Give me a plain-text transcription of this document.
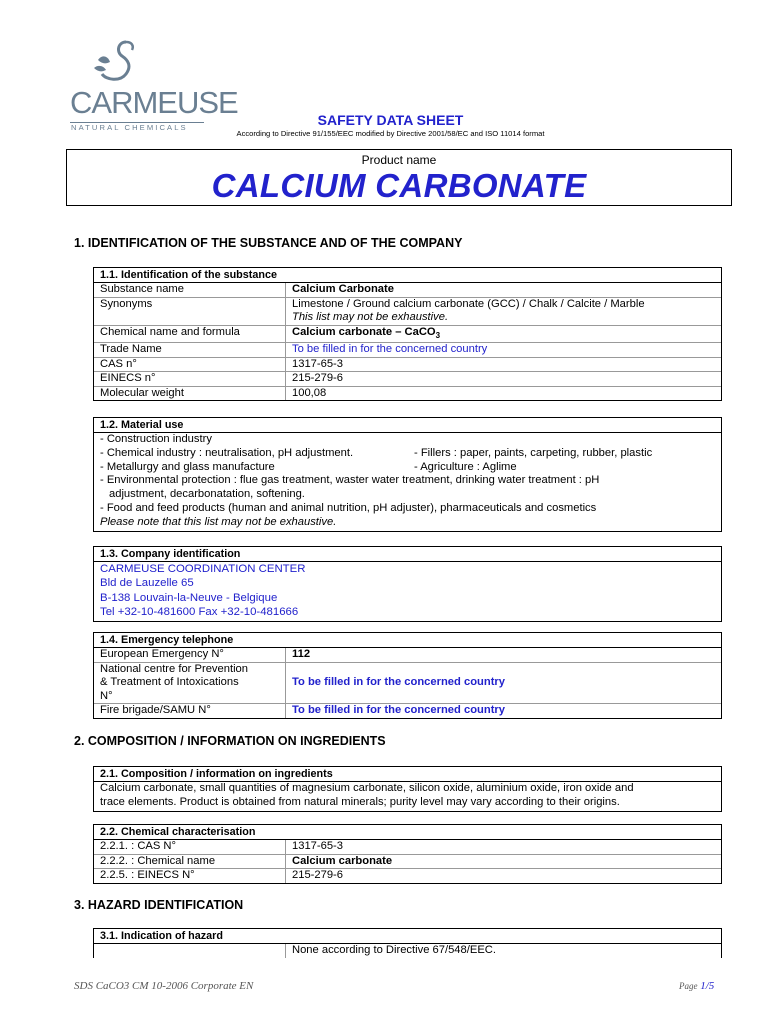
CARMEUSE
NATURAL CHEMICALS	SAFETY DATA SHEET
According to Directive 91/155/EEC modified by Directive 2001/58/EC and ISO 11014 format
Product name
CALCIUM CARBONATE
1. IDENTIFICATION OF THE SUBSTANCE AND OF THE COMPANY
1.1. Identification of the substance
Substance name	Calcium Carbonate
Synonyms	Limestone / Ground calcium carbonate (GCC) / Chalk / Calcite / Marble
This list may not be exhaustive.

Chemical name and formula	Calcium carbonate – CaCO$_3$
Trade Name	To be filled in for the concerned country
CAS n°	1317-65-3
EINECS n°	215-279-6
Molecular weight	100,08
1.2. Material use
- Construction industry
- Chemical industry : neutralisation, pH adjustment.	- Fillers : paper, paints, carpeting, rubber, plastic
- Metallurgy and glass manufacture	- Agriculture : Aglime
- Environmental protection : flue gas treatment, waster water treatment, drinking water treatment : pH
adjustment, decarbonatation, softening.
- Food and feed products (human and animal nutrition, pH adjuster), pharmaceuticals and cosmetics
Please note that this list may not be exhaustive.
1.3. Company identification
CARMEUSE COORDINATION CENTER
Bld de Lauzelle 65
B-138 Louvain-la-Neuve - Belgique
Tel +32-10-481600 Fax +32-10-481666
1.4. Emergency telephone
European Emergency N°	112

National centre for Prevention
& Treatment of Intoxications
N°	To be filled in for the concerned country
Fire brigade/SAMU N°	To be filled in for the concerned country
2. COMPOSITION / INFORMATION ON INGREDIENTS
2.1. Composition / information on ingredients
Calcium carbonate, small quantities of magnesium carbonate, silicon oxide, aluminium oxide, iron oxide and
trace elements. Product is obtained from natural minerals; purity level may vary according to their origins.
2.2. Chemical characterisation
2.2.1. : CAS N°	1317-65-3
2.2.2. : Chemical name	Calcium carbonate
2.2.5. : EINECS N°	215-279-6
3. HAZARD IDENTIFICATION
3.1. Indication of hazard
	None according to Directive 67/548/EEC.
SDS CaCO3 CM 10-2006 Corporate EN	Page 1/5
